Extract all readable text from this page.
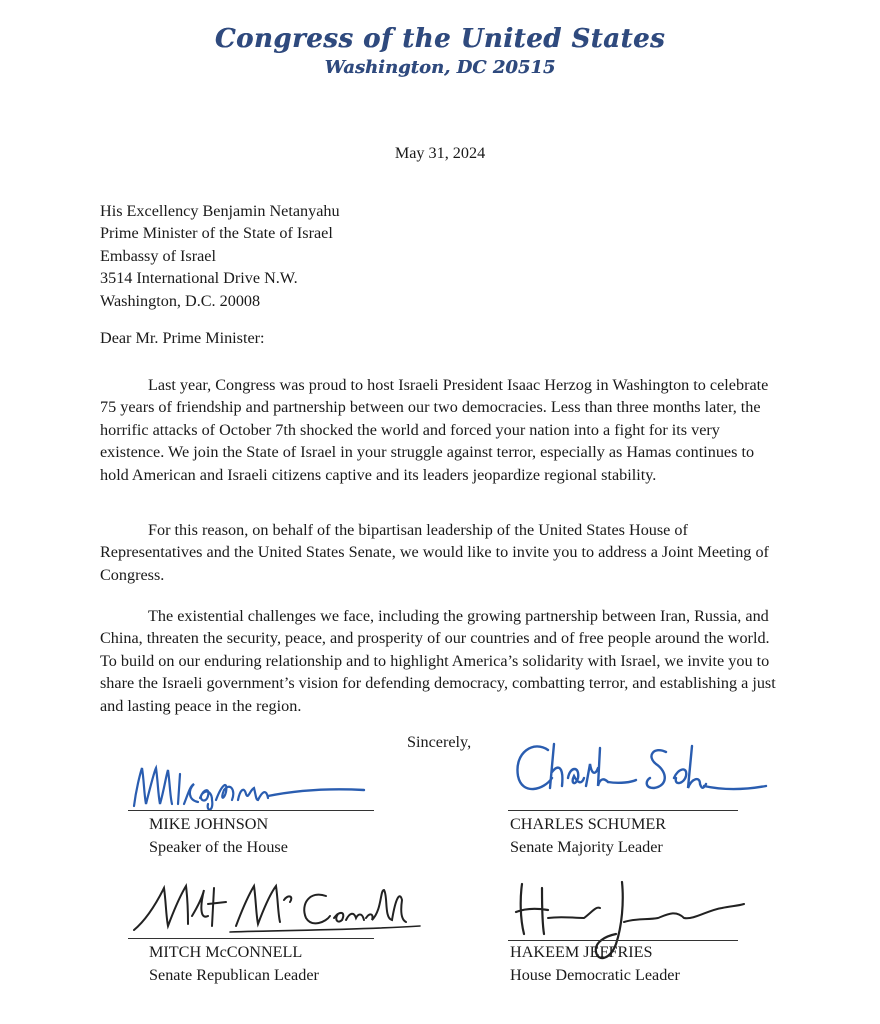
Congress of the United States
Washington, DC 20515
May 31, 2024
His Excellency Benjamin Netanyahu
Prime Minister of the State of Israel
Embassy of Israel
3514 International Drive N.W.
Washington, D.C. 20008
Dear Mr. Prime Minister:
Last year, Congress was proud to host Israeli President Isaac Herzog in Washington to celebrate 75 years of friendship and partnership between our two democracies. Less than three months later, the horrific attacks of October 7th shocked the world and forced your nation into a fight for its very existence. We join the State of Israel in your struggle against terror, especially as Hamas continues to hold American and Israeli citizens captive and its leaders jeopardize regional stability.
For this reason, on behalf of the bipartisan leadership of the United States House of Representatives and the United States Senate, we would like to invite you to address a Joint Meeting of Congress.
The existential challenges we face, including the growing partnership between Iran, Russia, and China, threaten the security, peace, and prosperity of our countries and of free people around the world. To build on our enduring relationship and to highlight America’s solidarity with Israel, we invite you to share the Israeli government’s vision for defending democracy, combatting terror, and establishing a just and lasting peace in the region.
Sincerely,
MIKE JOHNSON
Speaker of the House
CHARLES SCHUMER
Senate Majority Leader
MITCH McCONNELL
Senate Republican Leader
HAKEEM JEFFRIES
House Democratic Leader
